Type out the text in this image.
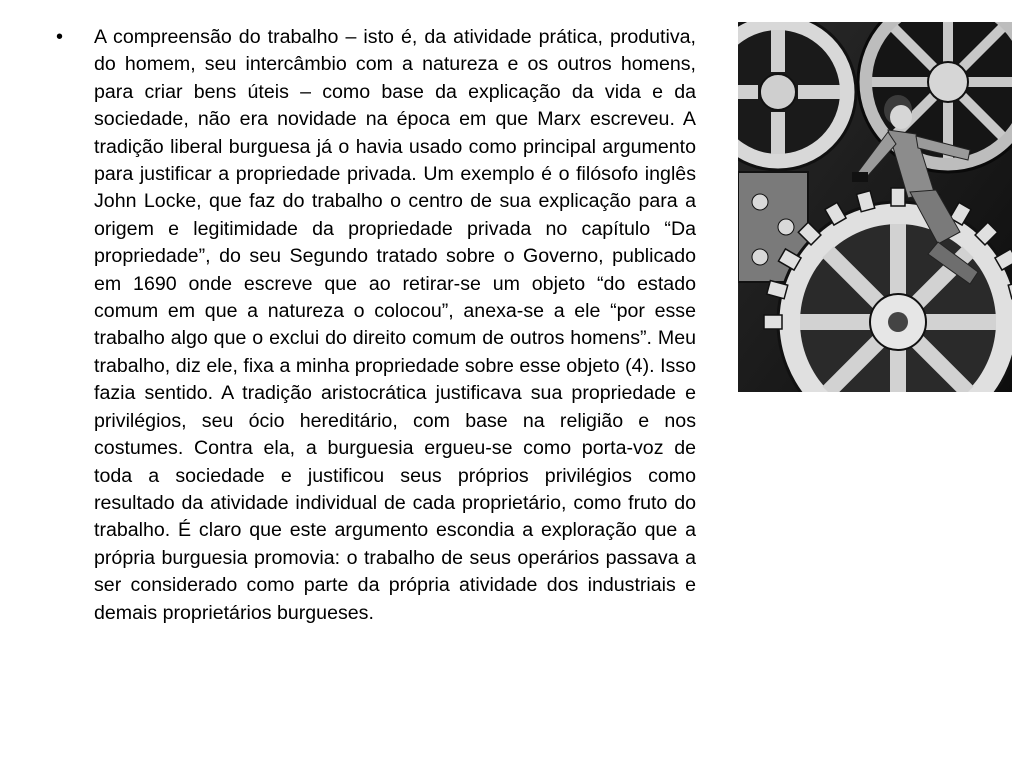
• A compreensão do trabalho – isto é, da atividade prática, produtiva, do homem, seu intercâmbio com a natureza e os outros homens, para criar bens úteis – como base da explicação da vida e da sociedade, não era novidade na época em que Marx escreveu. A tradição liberal burguesa já o havia usado como principal argumento para justificar a propriedade privada. Um exemplo é o filósofo inglês John Locke, que faz do trabalho o centro de sua explicação para a origem e legitimidade da propriedade privada no capítulo “Da propriedade”, do seu Segundo tratado sobre o Governo, publicado em 1690 onde escreve que ao retirar-se um objeto “do estado comum em que a natureza o colocou”, anexa-se a ele “por esse trabalho algo que o exclui do direito comum de outros homens”. Meu trabalho, diz ele, fixa a minha propriedade sobre esse objeto (4). Isso fazia sentido. A tradição aristocrática justificava sua propriedade e privilégios, seu ócio hereditário, com base na religião e nos costumes. Contra ela, a burguesia ergueu-se como porta-voz de toda a sociedade e justificou seus próprios privilégios como resultado da atividade individual de cada proprietário, como fruto do trabalho. É claro que este argumento escondia a exploração que a própria burguesia promovia: o trabalho de seus operários passava a ser considerado como parte da própria atividade dos industriais e demais proprietários burgueses.
